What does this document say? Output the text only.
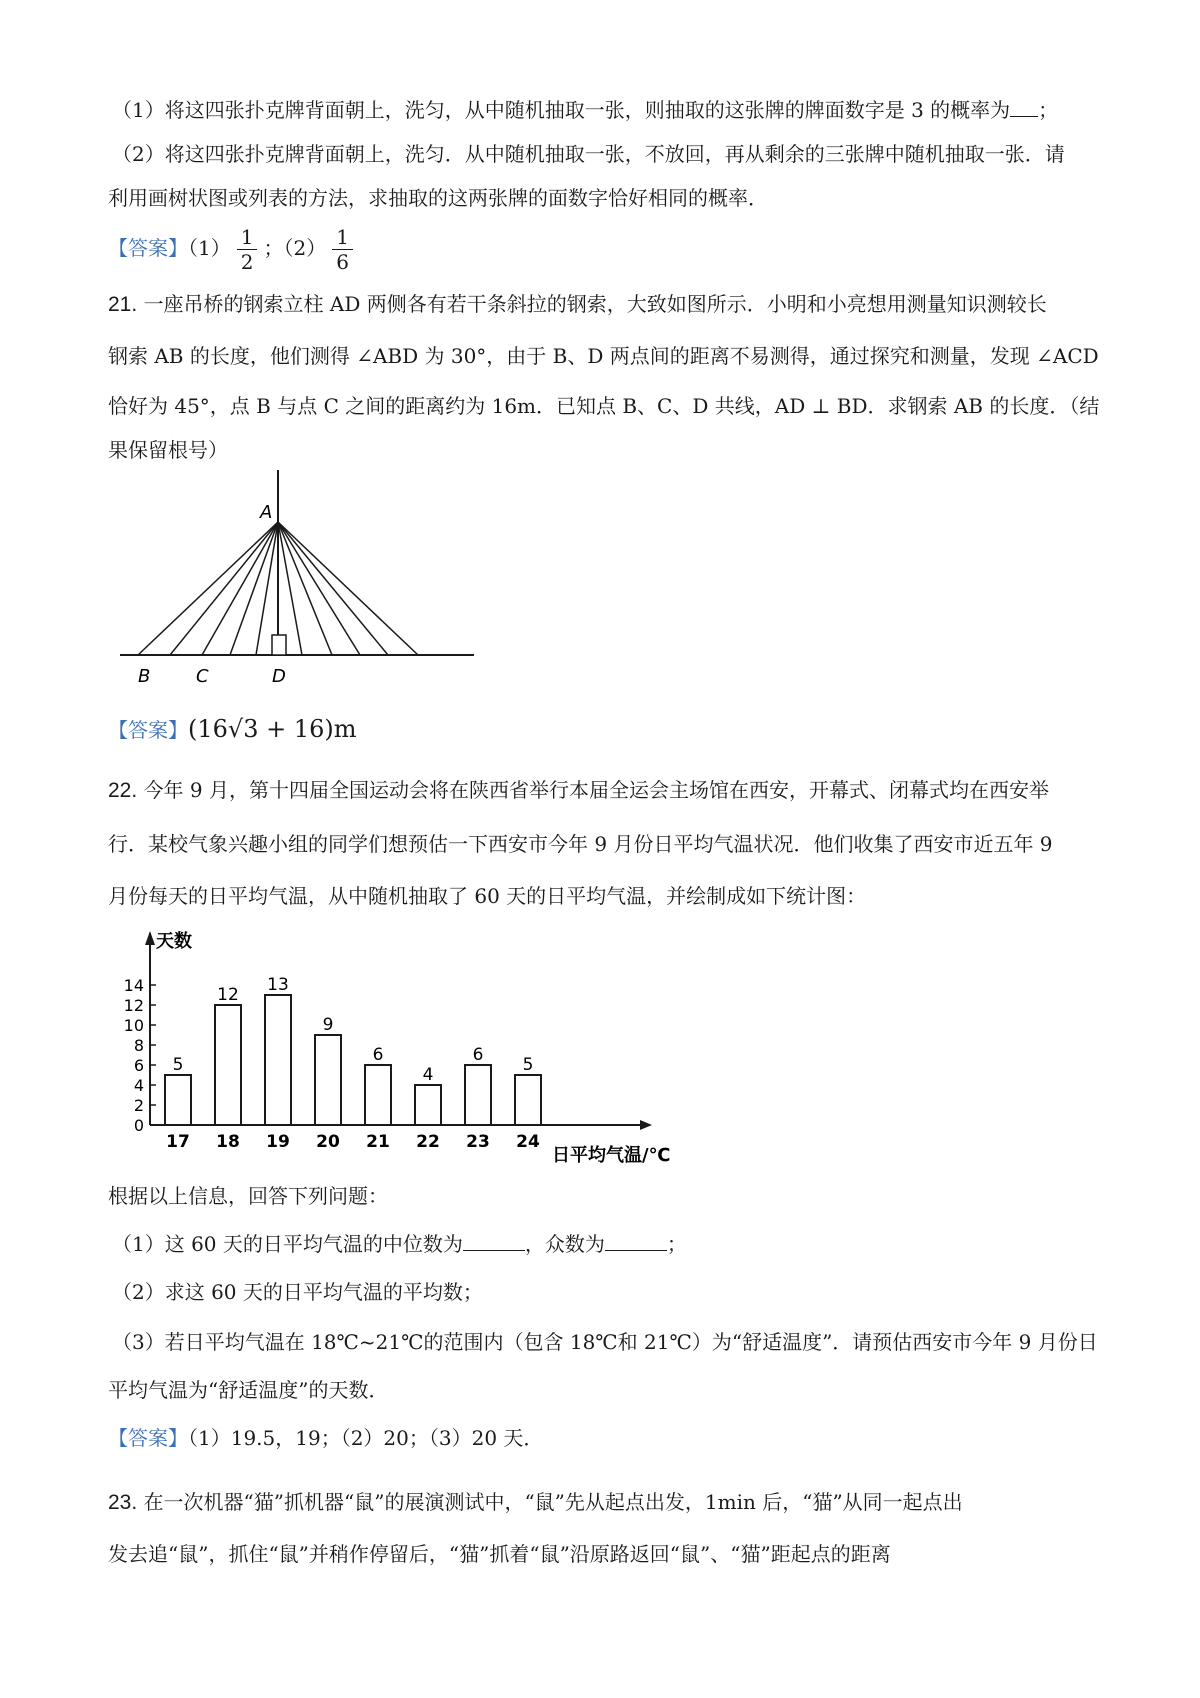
（1）将这四张扑克牌背面朝上，洗匀，从中随机抽取一张，则抽取的这张牌的牌面数字是 3 的概率为 ；
（2）将这四张扑克牌背面朝上，洗匀．从中随机抽取一张，不放回，再从剩余的三张牌中随机抽取一张．请
利用画树状图或列表的方法，求抽取的这两张牌的面数字恰好相同的概率．
【答案】$(1) \frac{1}{2}$ ；$(2) \frac{1}{6}$
21. 一座吊桥的钢索立柱 AD 两侧各有若干条斜拉的钢索，大致如图所示．小明和小亮想用测量知识测较长
钢索 AB 的长度，他们测得 ∠ABD 为 30°，由于 B、D 两点间的距离不易测得，通过探究和测量，发现 ∠ACD
恰好为 45°，点 B 与点 C 之间的距离约为 16m．已知点 B、C、D 共线，AD ⊥ BD．求钢索 AB 的长度．（结
果保留根号）
A
B	C	D
【答案】(16√3 + 16)m
22. 今年 9 月，第十四届全国运动会将在陕西省举行本届全运会主场馆在西安，开幕式、闭幕式均在西安举
行．某校气象兴趣小组的同学们想预估一下西安市今年 9 月份日平均气温状况．他们收集了西安市近五年 9
月份每天的日平均气温，从中随机抽取了 60 天的日平均气温，并绘制成如下统计图：
天数
日平均气温/℃
0
2
4
6
8
10
12
14
5
17
12
18
13
19
9
20
6
21
4
22
6
23
5
24
根据以上信息，回答下列问题：
（1）这 60 天的日平均气温的中位数为	，众数为	；
（2）求这 60 天的日平均气温的平均数；
（3）若日平均气温在 18℃~21℃的范围内（包含 18℃和 21℃）为“舒适温度”．请预估西安市今年 9 月份日
平均气温为“舒适温度”的天数．
【答案】（1）19.5，19；（2）20；（3）20 天．
23. 在一次机器“猫”抓机器“鼠”的展演测试中，“鼠”先从起点出发，1min 后，“猫”从同一起点出
发去追“鼠”，抓住“鼠”并稍作停留后，“猫”抓着“鼠”沿原路返回“鼠”、“猫”距起点的距离
